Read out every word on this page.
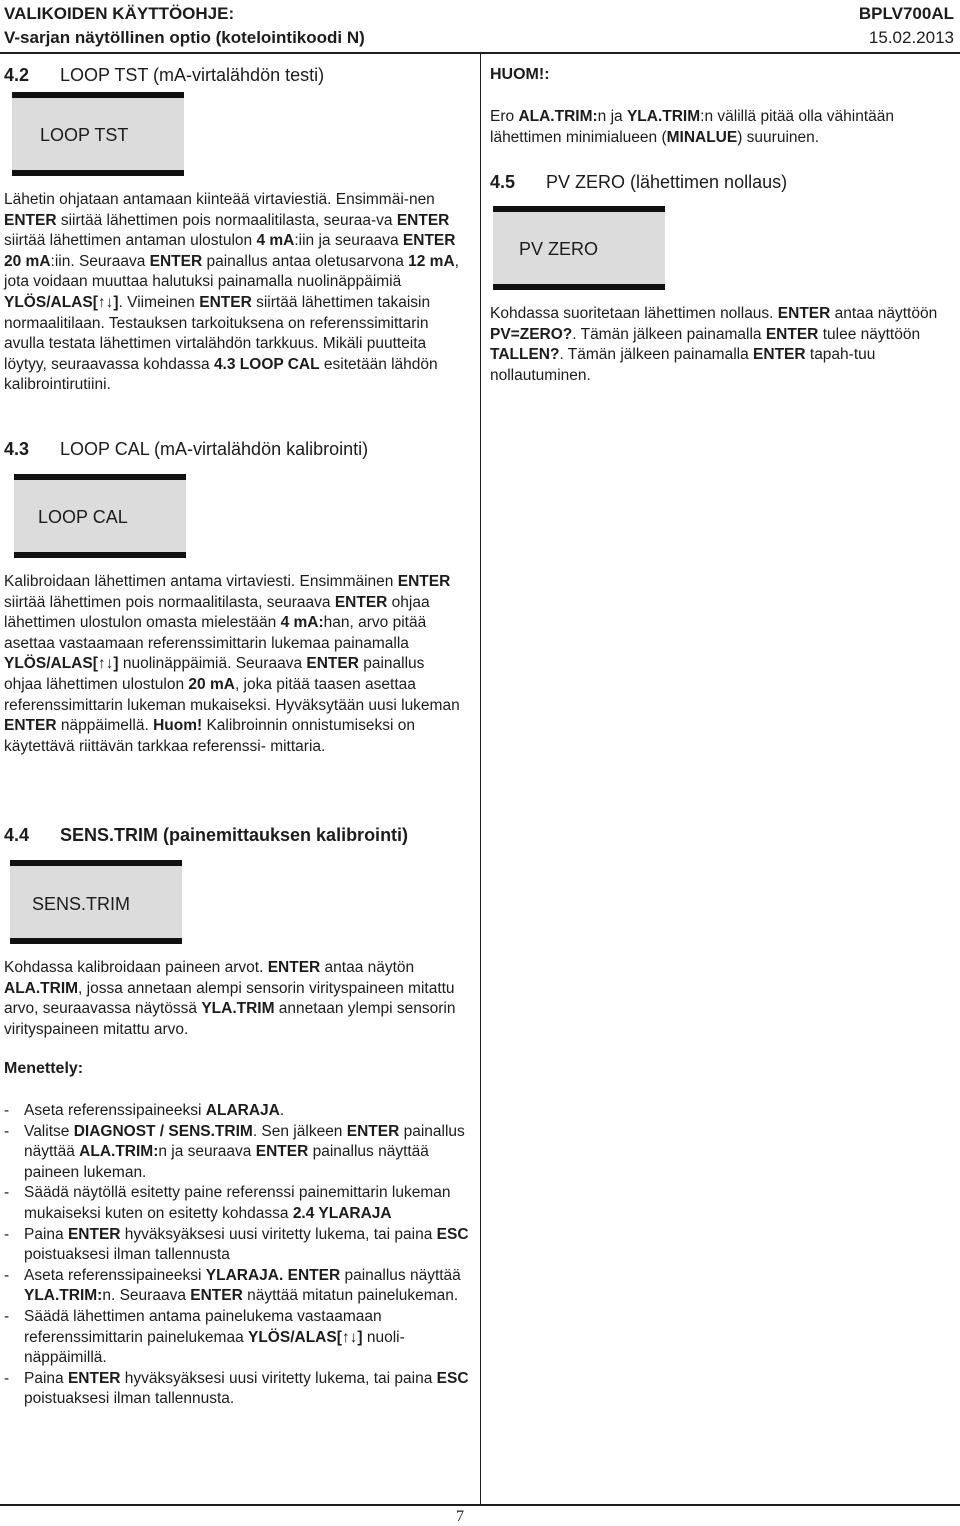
VALIKOIDEN KÄYTTÖOHJE:
V-sarjan näytöllinen optio (kotelointikoodi N)
BPLV700AL
15.02.2013
4.2 LOOP TST (mA-virtalähdön testi)
LOOP TST

Lähetin ohjataan antamaan kiinteää virtaviestiä. Ensimmäi-nen ENTER siirtää lähettimen pois normaalitilasta, seuraa-va ENTER siirtää lähettimen antaman ulostulon 4 mA:iin ja seuraava ENTER 20 mA:iin. Seuraava ENTER painallus antaa oletusarvona 12 mA, jota voidaan muuttaa halutuksi painamalla nuolinäppäimiä YLÖS/ALAS[↑↓]. Viimeinen ENTER siirtää lähettimen takaisin normaalitilaan. Testauksen tarkoituksena on referenssimittarin avulla testata lähettimen virtalähdön tarkkuus. Mikäli puutteita löytyy, seuraavassa kohdassa 4.3 LOOP CAL esitetään lähdön kalibrointirutiini.

4.3 LOOP CAL (mA-virtalähdön kalibrointi)
LOOP CAL

Kalibroidaan lähettimen antama virtaviesti. Ensimmäinen ENTER siirtää lähettimen pois normaalitilasta, seuraava ENTER ohjaa lähettimen ulostulon omasta mielestään 4 mA:han, arvo pitää asettaa vastaamaan referenssimittarin lukemaa painamalla YLÖS/ALAS[↑↓] nuolinäppäimiä. Seuraava ENTER painallus ohjaa lähettimen ulostulon 20 mA, joka pitää taasen asettaa referenssimittarin lukeman mukaiseksi. Hyväksytään uusi lukeman ENTER näppäimellä. Huom! Kalibroinnin onnistumiseksi on käytettävä riittävän tarkkaa referenssi- mittaria.

4.4 SENS.TRIM (painemittauksen kalibrointi)
SENS.TRIM

Kohdassa kalibroidaan paineen arvot. ENTER antaa näytön ALA.TRIM, jossa annetaan alempi sensorin virityspaineen mitattu arvo, seuraavassa näytössä YLA.TRIM annetaan ylempi sensorin virityspaineen mitattu arvo.

Menettely:
- Aseta referenssipaineeksi ALARAJA.
- Valitse DIAGNOST / SENS.TRIM. Sen jälkeen ENTER painallus näyttää ALA.TRIM:n ja seuraava ENTER painallus näyttää paineen lukeman.
- Säädä näytöllä esitetty paine referenssi painemittarin lukeman mukaiseksi kuten on esitetty kohdassa 2.4 YLARAJA
- Paina ENTER hyväksyäksesi uusi viritetty lukema, tai paina ESC poistuaksesi ilman tallennusta
- Aseta referenssipaineeksi YLARAJA. ENTER painallus näyttää YLA.TRIM:n. Seuraava ENTER näyttää mitatun painelukeman.
- Säädä lähettimen antama painelukema vastaamaan referenssimittarin painelukemaa YLÖS/ALAS[↑↓] nuoli-näppäimillä.
- Paina ENTER hyväksyäksesi uusi viritetty lukema, tai paina ESC poistuaksesi ilman tallennusta.
HUOM!:

Ero ALA.TRIM:n ja YLA.TRIM:n välillä pitää olla vähintään lähettimen minimialueen (MINALUE) suuruinen.

4.5 PV ZERO (lähettimen nollaus)
PV ZERO

Kohdassa suoritetaan lähettimen nollaus. ENTER antaa näyttöön PV=ZERO?. Tämän jälkeen painamalla ENTER tulee näyttöön TALLEN?. Tämän jälkeen painamalla ENTER tapah-tuu nollautuminen.

7
